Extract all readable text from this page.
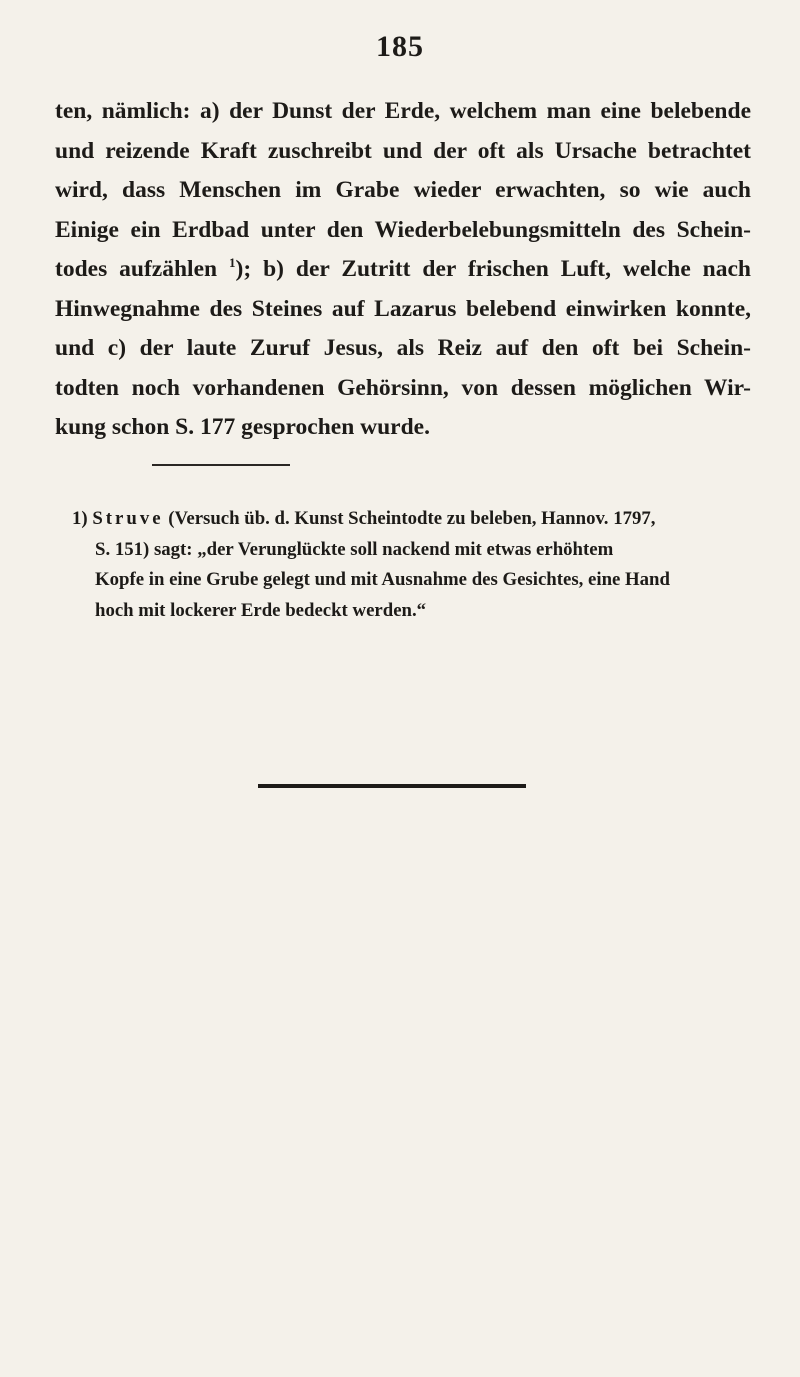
185
ten, nämlich: a) der Dunst der Erde, welchem man eine belebende
und reizende Kraft zuschreibt und der oft als Ursache betrachtet
wird, dass Menschen im Grabe wieder erwachten, so wie auch
Einige ein Erdbad unter den Wiederbelebungsmitteln des Schein-
todes aufzählen $^1$); b) der Zutritt der frischen Luft, welche nach
Hinwegnahme des Steines auf Lazarus belebend einwirken konnte,
und c) der laute Zuruf Jesus, als Reiz auf den oft bei Schein-
todten noch vorhandenen Gehörsinn, von dessen möglichen Wir-
kung schon S. 177 gesprochen wurde.
1) Struve (Versuch üb. d. Kunst Scheintodte zu beleben, Hannov. 1797,
S. 151) sagt: „der Verunglückte soll nackend mit etwas erhöhtem
Kopfe in eine Grube gelegt und mit Ausnahme des Gesichtes, eine Hand
hoch mit lockerer Erde bedeckt werden.“
